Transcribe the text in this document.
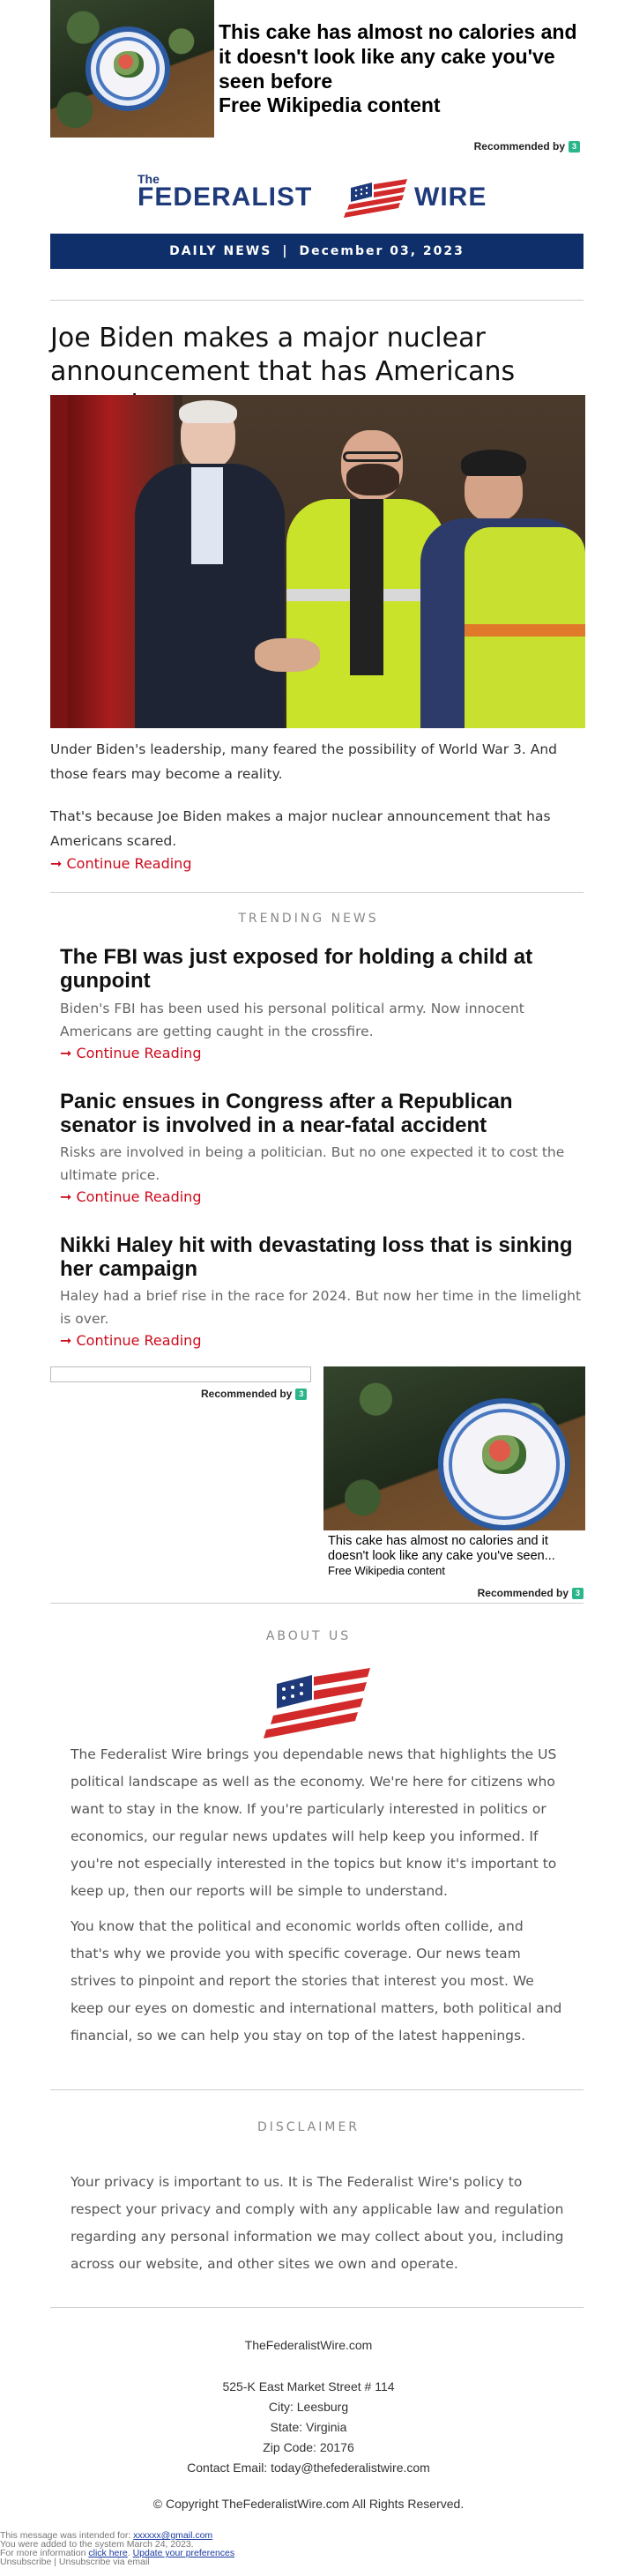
This cake has almost no calories and it doesn't look like any cake you've seen before
Free Wikipedia content
Recommended by 3
The
FEDERALIST	WIRE
DAILY NEWS | December 03, 2023
Joe Biden makes a major nuclear announcement that has Americans
Under Biden's leadership, many feared the possibility of World War 3. And those fears may become a reality.
That's because Joe Biden makes a major nuclear announcement that has Americans scared.
➞ Continue Reading
TRENDING NEWS
The FBI was just exposed for holding a child at gunpoint
Biden's FBI has been used his personal political army. Now innocent Americans are getting caught in the crossfire.
➞ Continue Reading
Panic ensues in Congress after a Republican senator is involved in a near-fatal accident
Risks are involved in being a politician. But no one expected it to cost the ultimate price.
➞ Continue Reading
Nikki Haley hit with devastating loss that is sinking her campaign
Haley had a brief rise in the race for 2024. But now her time in the limelight is over.
➞ Continue Reading
Recommended by 3
This cake has almost no calories and it doesn't look like any cake you've seen...
Free Wikipedia content
Recommended by 3
ABOUT US
The Federalist Wire brings you dependable news that highlights the US political landscape as well as the economy. We're here for citizens who want to stay in the know. If you're particularly interested in politics or economics, our regular news updates will help keep you informed. If you're not especially interested in the topics but know it's important to keep up, then our reports will be simple to understand.
You know that the political and economic worlds often collide, and that's why we provide you with specific coverage. Our news team strives to pinpoint and report the stories that interest you most. We keep our eyes on domestic and international matters, both political and financial, so we can help you stay on top of the latest happenings.
DISCLAIMER
Your privacy is important to us. It is The Federalist Wire's policy to respect your privacy and comply with any applicable law and regulation regarding any personal information we may collect about you, including across our website, and other sites we own and operate.
TheFederalistWire.com
525-K East Market Street # 114
City: Leesburg
State: Virginia
Zip Code: 20176
Contact Email: today@thefederalistwire.com
© Copyright TheFederalistWire.com All Rights Reserved.
This message was intended for: xxxxxx@gmail.com
You were added to the system March 24, 2023.
For more information click here. Update your preferences
Unsubscribe | Unsubscribe via email
